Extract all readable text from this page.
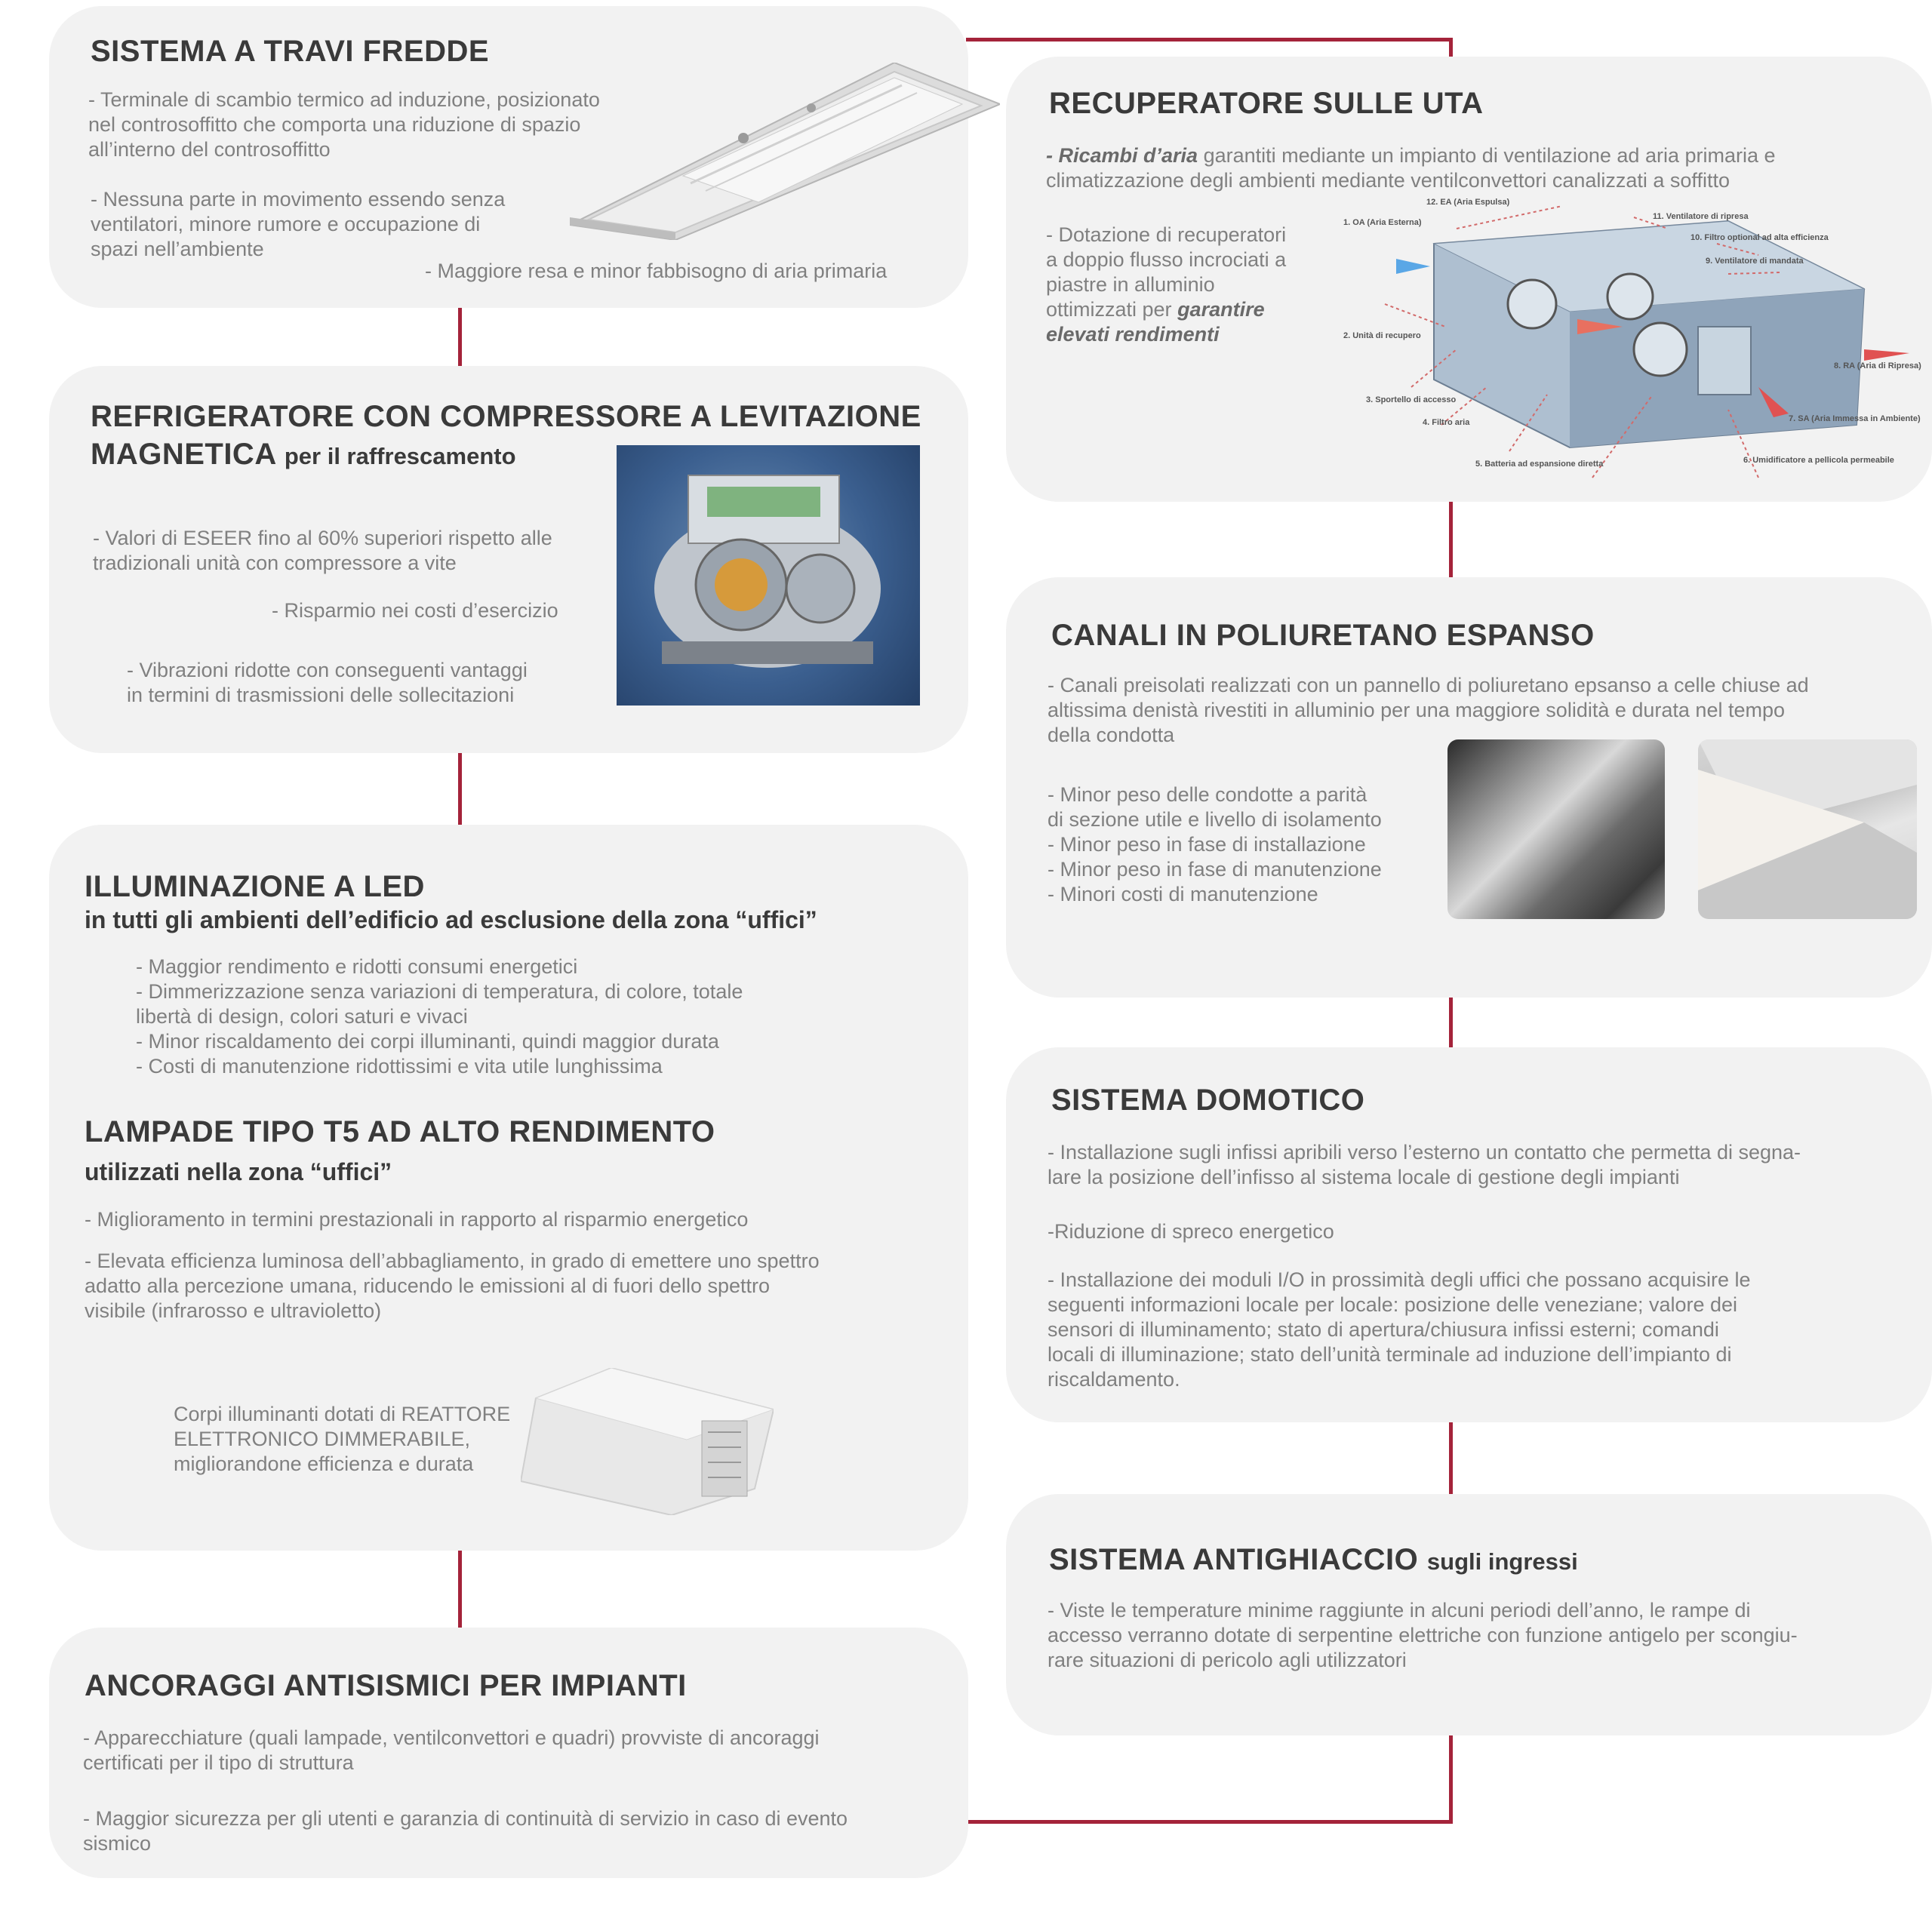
SISTEMA A TRAVI FREDDE

- Terminale di scambio termico ad induzione, posizionato
nel controsoffitto che comporta una riduzione di spazio
all’interno del controsoffitto

- Nessuna parte in movimento essendo senza
ventilatori, minore rumore e occupazione di
spazi nell’ambiente

- Maggiore resa e minor fabbisogno di aria primaria

REFRIGERATORE CON COMPRESSORE A LEVITAZIONE
MAGNETICA per il raffrescamento

- Valori di ESEER fino al 60% superiori rispetto alle
tradizionali unità con compressore a vite

- Risparmio nei costi d’esercizio

- Vibrazioni ridotte con conseguenti vantaggi
in termini di trasmissioni delle sollecitazioni

ILLUMINAZIONE A LED
in tutti gli ambienti dell’edificio ad esclusione della zona “uffici”

- Maggior rendimento e ridotti consumi energetici
- Dimmerizzazione senza variazioni di temperatura, di colore, totale
libertà di design, colori saturi e vivaci
- Minor riscaldamento dei corpi illuminanti, quindi maggior durata
- Costi di manutenzione ridottissimi e vita utile lunghissima

LAMPADE TIPO T5 AD ALTO RENDIMENTO
utilizzati nella zona “uffici”

- Miglioramento in termini prestazionali in rapporto al risparmio energetico

- Elevata efficienza luminosa dell’abbagliamento, in grado di emettere uno spettro
adatto alla percezione umana, riducendo le emissioni al di fuori dello spettro
visibile (infrarosso e ultravioletto)

Corpi illuminanti dotati di REATTORE
ELETTRONICO DIMMERABILE,
migliorandone efficienza e durata

ANCORAGGI ANTISISMICI PER IMPIANTI

- Apparecchiature (quali lampade, ventilconvettori e quadri) provviste di ancoraggi
certificati per il tipo di struttura

- Maggior sicurezza per gli utenti e garanzia di continuità di servizio in caso di evento
sismico

RECUPERATORE SULLE UTA

- Ricambi d’aria garantiti mediante un impianto di ventilazione ad aria primaria e
climatizzazione degli ambienti mediante ventilconvettori canalizzati a soffitto

- Dotazione di recuperatori
a doppio flusso incrociati a
piastre in alluminio
ottimizzati per garantire
elevati rendimenti

1. OA (Aria Esterna)
12. EA (Aria Espulsa)
11. Ventilatore di ripresa
10. Filtro optional ad alta efficienza
9. Ventilatore di mandata
2. Unità di recupero
3. Sportello di accesso
4. Filtro aria
5. Batteria ad espansione diretta	6. Umidificatore a pellicola permeabile
7. SA (Aria Immessa in Ambiente)
8. RA (Aria di Ripresa)
CANALI IN POLIURETANO ESPANSO

- Canali preisolati realizzati con un pannello di poliuretano epsanso a celle chiuse ad
altissima denistà rivestiti in alluminio per una maggiore solidità e durata nel tempo
della condotta

- Minor peso delle condotte a parità
di sezione utile e livello di isolamento
- Minor peso in fase di installazione
- Minor peso in fase di manutenzione
- Minori costi di manutenzione

SISTEMA DOMOTICO

- Installazione sugli infissi apribili verso l’esterno un contatto che permetta di segna-
lare la posizione dell’infisso al sistema locale di gestione degli impianti

-Riduzione di spreco energetico

- Installazione dei moduli I/O in prossimità degli uffici che possano acquisire le
seguenti informazioni locale per locale: posizione delle veneziane; valore dei
sensori di illuminamento; stato di apertura/chiusura infissi esterni; comandi
locali di illuminazione; stato dell’unità terminale ad induzione dell’impianto di
riscaldamento.

SISTEMA ANTIGHIACCIO sugli ingressi

- Viste le temperature minime raggiunte in alcuni periodi dell’anno, le rampe di
accesso verranno dotate di serpentine elettriche con funzione antigelo per scongiu-
rare situazioni di pericolo agli utilizzatori
